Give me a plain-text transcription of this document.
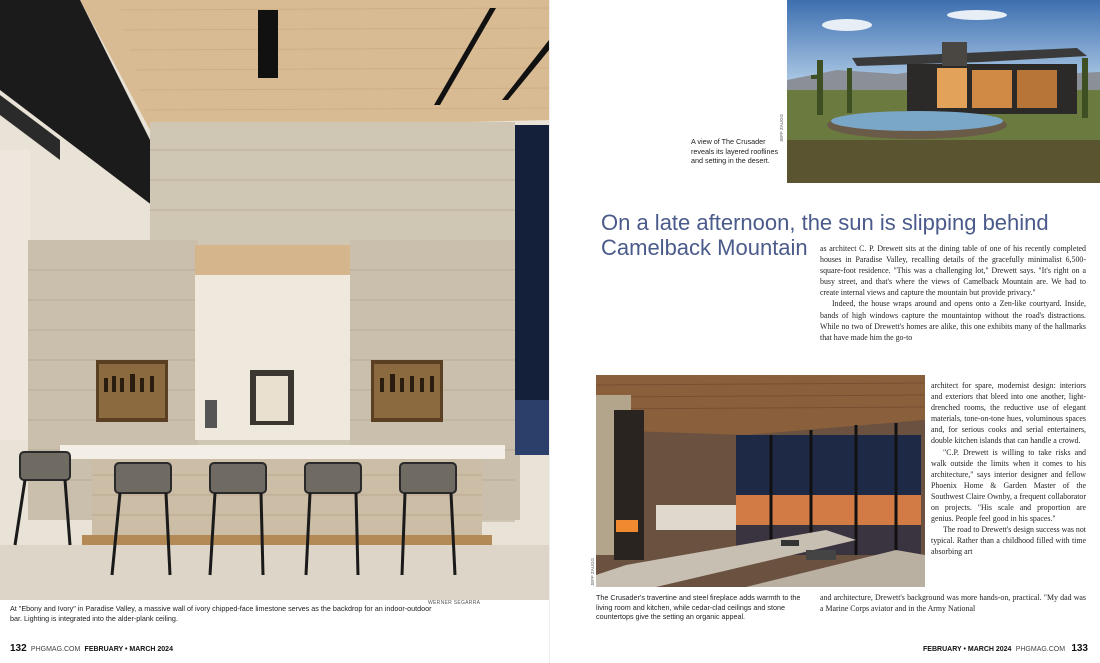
WERNER SEGARRA
At "Ebony and Ivory" in Paradise Valley, a massive wall of ivory chipped-face limestone serves as the backdrop for an indoor-outdoor bar. Lighting is integrated into the alder-plank ceiling.
132 PHGMAG.COM FEBRUARY • MARCH 2024
JEFF ZAUGG
A view of The Crusader reveals its layered rooflines and setting in the desert.
On a late afternoon, the sun is slipping behind Camelback Mountain	as architect C. P. Drewett sits at the dining table of one of his recently completed houses in Paradise Valley, recalling details of the gracefully minimalist 6,500-square-foot residence. "This was a challenging lot," Drewett says. "It's right on a busy street, and that's where the views of Camelback Mountain are. We had to create internal views and capture the mountain but provide privacy."

Indeed, the house wraps around and opens onto a Zen-like courtyard. Inside, bands of high windows capture the mountaintop without the road's distractions. While no two of Drewett's homes are alike, this one exhibits many of the hallmarks that have made him the go-to

JEFF ZAUGG

architect for spare, modernist design: interiors and exteriors that bleed into one another, light-drenched rooms, the reductive use of elegant materials, tone-on-tone hues, voluminous spaces and, for serious cooks and serial entertainers, double kitchen islands that can handle a crowd.

"C.P. Drewett is willing to take risks and walk outside the limits when it comes to his architecture," says interior designer and fellow Phoenix Home & Garden Master of the Southwest Claire Ownby, a frequent collaborator on projects. "His scale and proportion are genius. People feel good in his spaces."

The road to Drewett's design success was not typical. Rather than a childhood filled with time absorbing art

The Crusader's travertine and steel fireplace adds warmth to the living room and kitchen, while cedar-clad ceilings and stone countertops give the setting an organic appeal.

and architecture, Drewett's background was more hands-on, practical. "My dad was a Marine Corps aviator and in the Army National

FEBRUARY • MARCH 2024 PHGMAG.COM 133
